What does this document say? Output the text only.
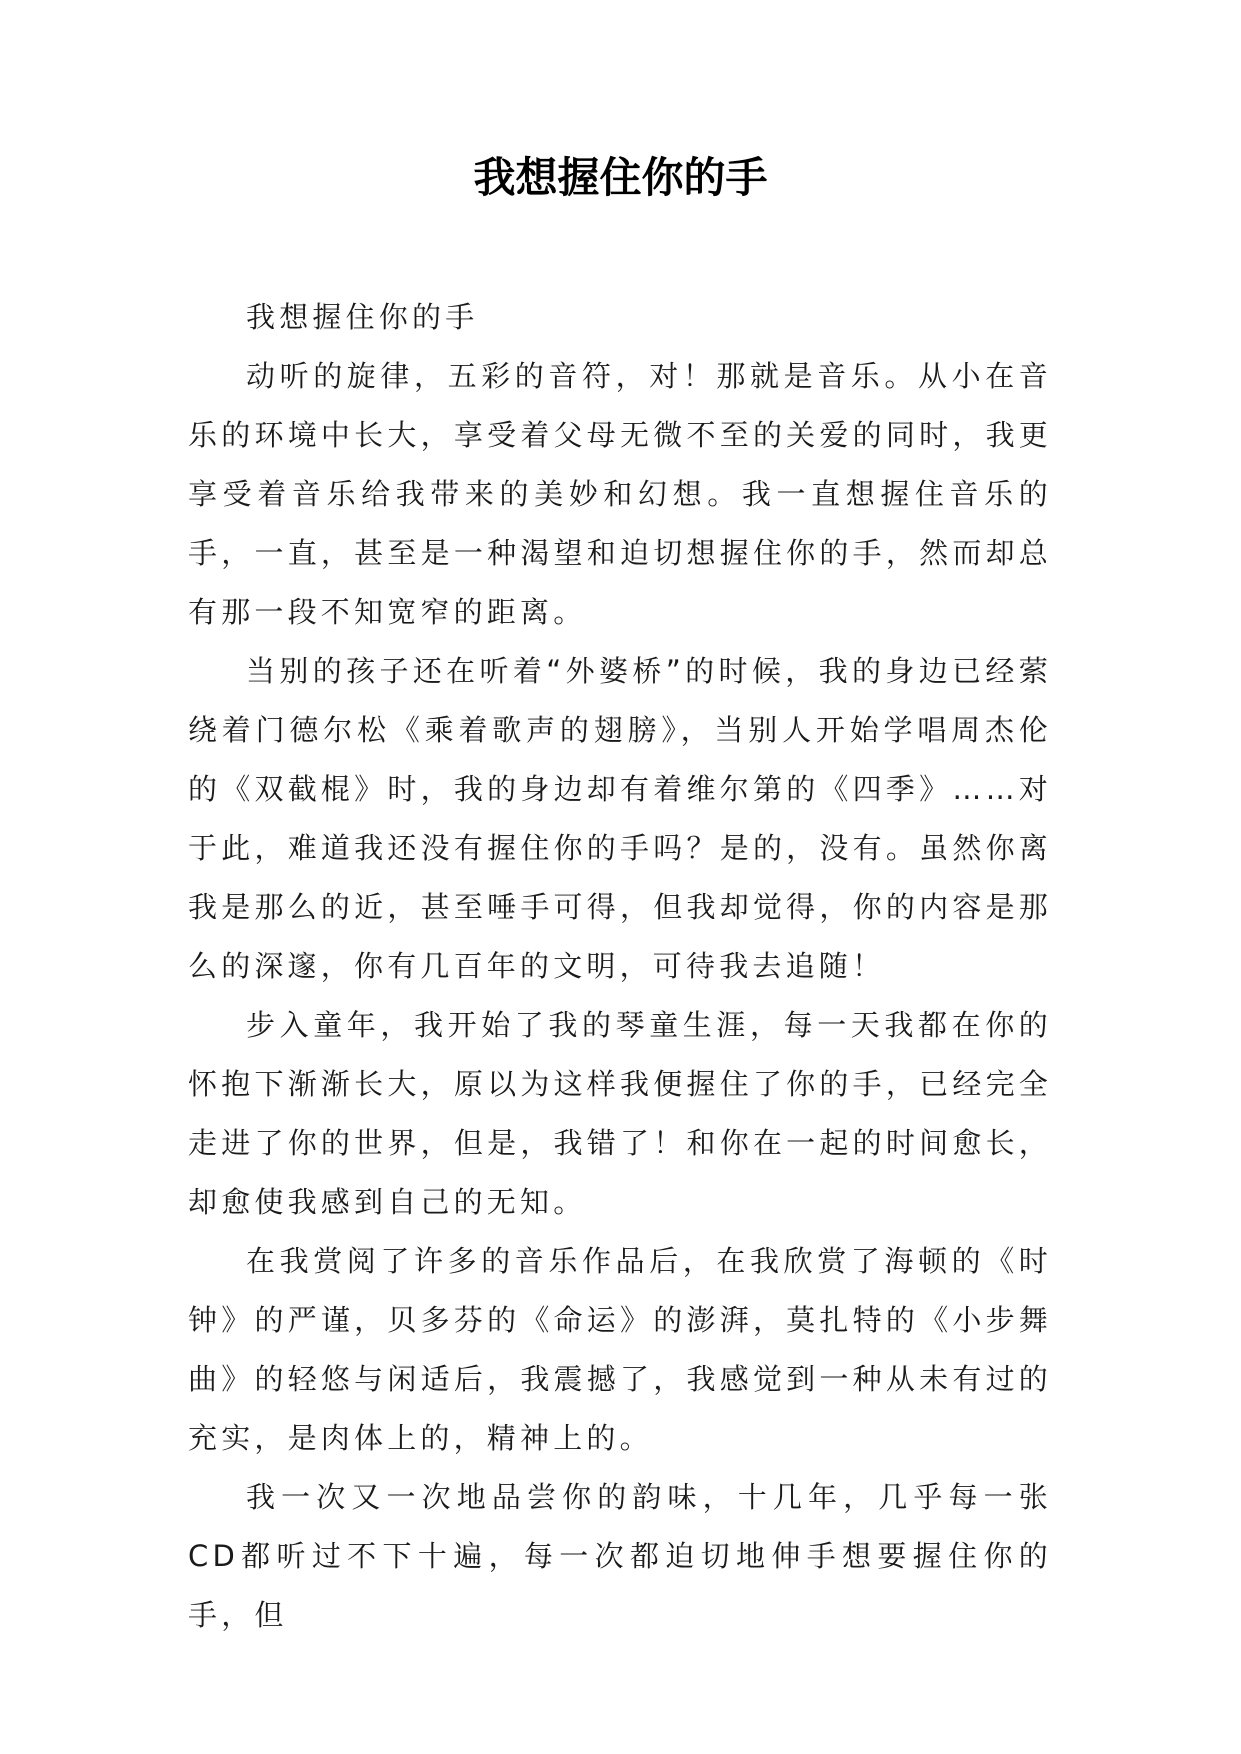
我想握住你的手

我想握住你的手

动听的旋律，五彩的音符，对！那就是音乐。从小在音乐的环境中长大，享受着父母无微不至的关爱的同时，我更享受着音乐给我带来的美妙和幻想。我一直想握住音乐的手，一直，甚至是一种渴望和迫切想握住你的手，然而却总有那一段不知宽窄的距离。

当别的孩子还在听着“外婆桥”的时候，我的身边已经萦绕着门德尔松《乘着歌声的翅膀》，当别人开始学唱周杰伦的《双截棍》时，我的身边却有着维尔第的《四季》……对于此，难道我还没有握住你的手吗？是的，没有。虽然你离我是那么的近，甚至唾手可得，但我却觉得，你的内容是那么的深邃，你有几百年的文明，可待我去追随！

步入童年，我开始了我的琴童生涯，每一天我都在你的怀抱下渐渐长大，原以为这样我便握住了你的手，已经完全走进了你的世界，但是，我错了！和你在一起的时间愈长，却愈使我感到自己的无知。

在我赏阅了许多的音乐作品后，在我欣赏了海顿的《时钟》的严谨，贝多芬的《命运》的澎湃，莫扎特的《小步舞曲》的轻悠与闲适后，我震撼了，我感觉到一种从未有过的充实，是肉体上的，精神上的。

我一次又一次地品尝你的韵味，十几年，几乎每一张CD都听过不下十遍，每一次都迫切地伸手想要握住你的手，但
